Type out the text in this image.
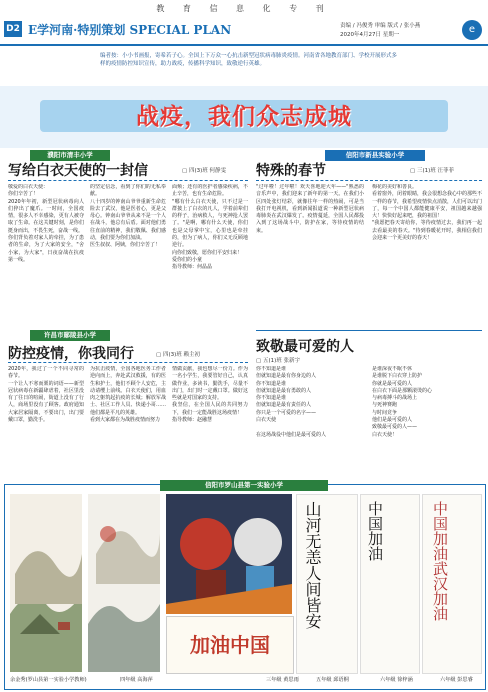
教 育 信 息 化 专 刊
D2 E学河南·特别策划 SPECIAL PLAN	责编 / 冯俊秀 审编 版式 / 张小燕
2020年4月27日 星期一	e
编者按：小小书画报，寄希若子心。全国上下万众一心抗击新型冠状病毒肺炎疫情。河南省各地教育部门、学校开展形式多样的疫情防控知识宣传，助力战疫，传播科学知识，致敬逆行英雄。
战疫，我们众志成城
濮阳市清丰小学
写给白衣天使的一封信	▢ 四(3)班 何静雯
敬爱的白衣天使：
你们辛苦了！
2020年年初，新型冠状病毒向人们猝出了魔爪。一时间，全国疫情，很多人不幸感染，更有人被夺取了生命。在这关键时刻，是你们挺身而出，不畏生死，奋战一线。
你们背负着对家人的牵挂，为了患者的生命，为了大家的安全，"舍小家，为大家"，日夜奋战在抗疫第一线。
的坚定信念，看到了你们的无私奉献。
八十四岁的钟南山爷爷重新生命危险去了武汉，他是医者心，更是父母心。钟南山爷爷从来不是一个人在战斗，他总有后盾。面对他们勇往直前的精神，我们敬佩、我们感动，我们要为你们加油。
医生叔叔、阿姨，你们辛苦了！
面颊；还有的医护者感染疾病，不止辛苦，也有生命危险。
"哪有什么白衣天使，只不过是一群披上了白衣的凡人，学着前辈们的样子，治病救人，与死神抢人罢了。"是啊，哪有什么天使，你们也是父母掌中宝，心里也是牵挂的，但为了病人，你们义无反顾地逆行。
向你们致敬，愿你们平安归来！
爱你们的小童
指导教师：何晶晶
信阳市新县实验小学
特殊的春节	▢ 三(1)班 汪菲菲
"过年啦！过年啦！欢天喜地迎大年——"熟悉的音乐声中，我们迎来了新年的第一天。在我们小区四处张灯结彩，就像往年一样的热闹，可是当我打开电视机，看到新闻报道说一种新型冠状病毒肺炎在武汉爆发了。疫情蔓延，全国人民都投入到了这场战斗中，防护在家，等待疫情的结束。
梅花的美好和善良。
看着窗外，闭着眼睛，我会很想念我心中的那些不一样的春节，我希望疫情快点消散，人们可以出门了，每一个中国人都能健康平安，祖国越来越强大！快快好起来吧，我的祖国！
"我愿把春天寄给你，等待疫情过去，我们再一起去看最美的春天。"待到春暖花开时，我相信我们会迎来一个更美好的春天！
许昌市鄢陵县小学
防控疫情，你我同行	▢ 四(3)班 赖主初
2020年，我过了一个不同寻常的春节。
一个让人不寒而栗的词语——新型冠状病毒在新疆肆虐着，社区里没有了往日的喧闹，街道上没有了行人，商场里没有了顾客。政府通知大家居家隔离，不要出门，出门要戴口罩，勤洗手。
为抗击疫情，全国各地医务工作者逆向而上，奔赴武汉救援，有的医生和护士，他们不顾个人安危，主动请缨上前线。白衣天使们，用血肉之躯筑起抗疫的长城；解放军战士、社区工作人员、快递小哥……他们都是平凡的英雄。
看到大家都在为战胜疫情而努力
情做贡献，我也想尽一份力。作为一名小学生，我要管好自己，认真做作业，多读书，勤洗手，尽量不出门，出门时一定戴口罩。做好这些就是对国家的支持。
我坚信，在全国人民的共同努力下，我们一定能战胜这场疫情！
指导教师：赵融慧
致敬最可爱的人
▢ 五(1)班 张新宇
你不知道是谁
但就知道是最有你身边的人
你不知道是谁
但就知道是最有勇敢的人
你不知道是谁
但就知道是最有责任的人
你只是一个可爱的名字——
白衣天使

在这场战役中他们是最可爱的人
是谁深夜不眠不休
是谁脱下白衣穿上防护
你就是最可爱的人
在白衣下面是那颗滚烫的心
与病毒搏斗的战场上
与死神赛跑
与时间竞争
他们是最可爱的人
致敬最可爱的人——
白衣天使！
信阳市罗山县第一实验小学
余金秀(罗山县第一实验小学教师)	四年级 高海萍
加油中国
三年级 黄思雨
山河无恙人间皆安
五年级 邱语桐
中国加油
六年级 徐梓涵
中国加油武汉加油
六年级 彭思睿
